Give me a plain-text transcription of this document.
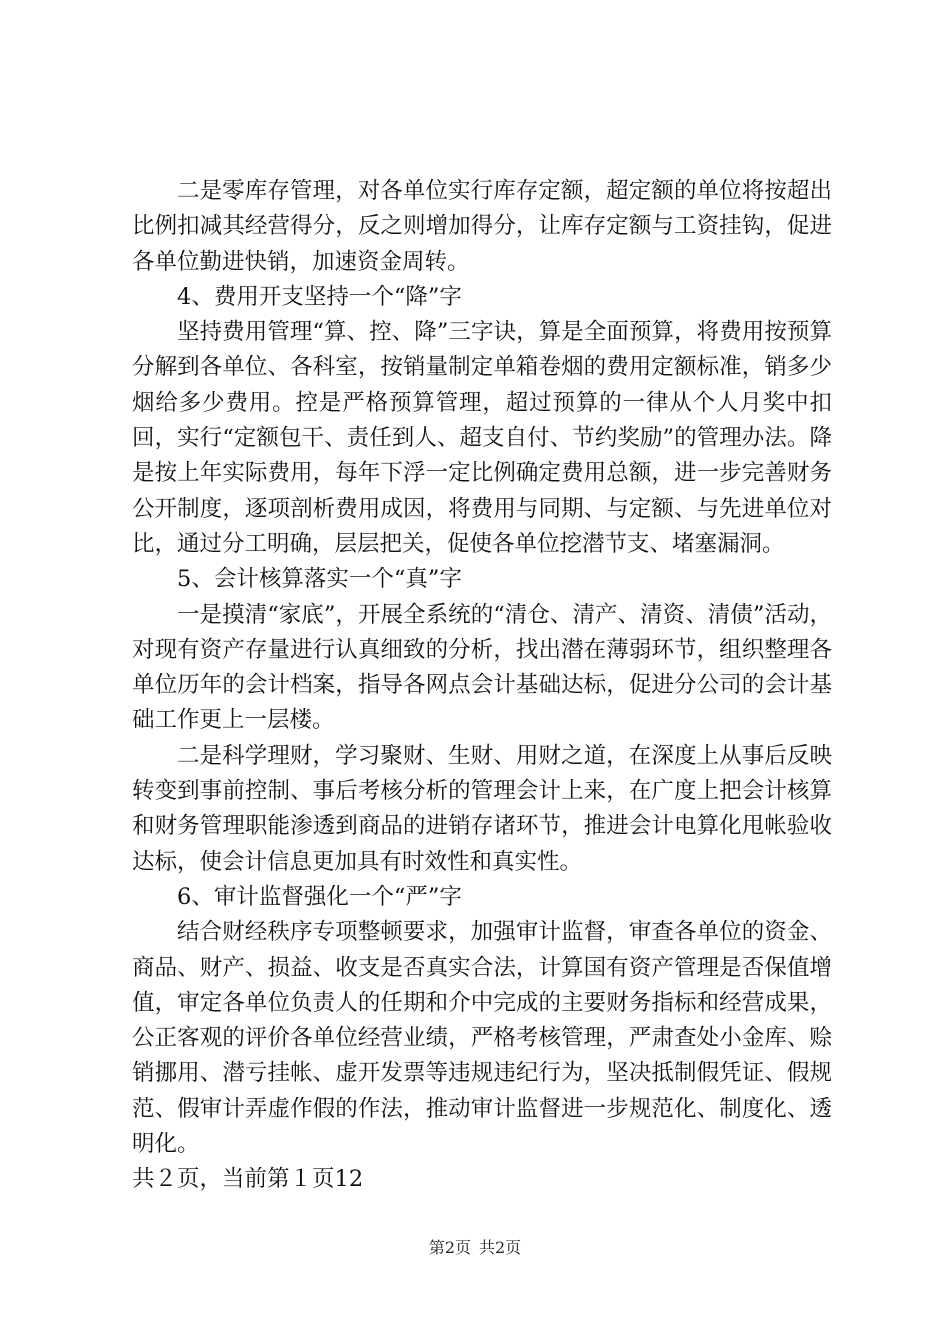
二是零库存管理，对各单位实行库存定额，超定额的单位将按超出比例扣减其经营得分，反之则增加得分，让库存定额与工资挂钩，促进各单位勤进快销，加速资金周转。

4、费用开支坚持一个“降”字

坚持费用管理“算、控、降”三字诀，算是全面预算，将费用按预算分解到各单位、各科室，按销量制定单箱卷烟的费用定额标准，销多少烟给多少费用。控是严格预算管理，超过预算的一律从个人月奖中扣回，实行“定额包干、责任到人、超支自付、节约奖励”的管理办法。降是按上年实际费用，每年下浮一定比例确定费用总额，进一步完善财务公开制度，逐项剖析费用成因，将费用与同期、与定额、与先进单位对比，通过分工明确，层层把关，促使各单位挖潜节支、堵塞漏洞。

5、会计核算落实一个“真”字

一是摸清“家底”，开展全系统的“清仓、清产、清资、清债”活动，对现有资产存量进行认真细致的分析，找出潜在薄弱环节，组织整理各单位历年的会计档案，指导各网点会计基础达标，促进分公司的会计基础工作更上一层楼。

二是科学理财，学习聚财、生财、用财之道，在深度上从事后反映转变到事前控制、事后考核分析的管理会计上来，在广度上把会计核算和财务管理职能渗透到商品的进销存诸环节，推进会计电算化甩帐验收达标，使会计信息更加具有时效性和真实性。

6、审计监督强化一个“严”字

结合财经秩序专项整顿要求，加强审计监督，审查各单位的资金、商品、财产、损益、收支是否真实合法，计算国有资产管理是否保值增值，审定各单位负责人的任期和介中完成的主要财务指标和经营成果，公正客观的评价各单位经营业绩，严格考核管理，严肃查处小金库、赊销挪用、潜亏挂帐、虚开发票等违规违纪行为，坚决抵制假凭证、假规范、假审计弄虚作假的作法，推动审计监督进一步规范化、制度化、透明化。

共２页，当前第１页12

第2页 共2页
